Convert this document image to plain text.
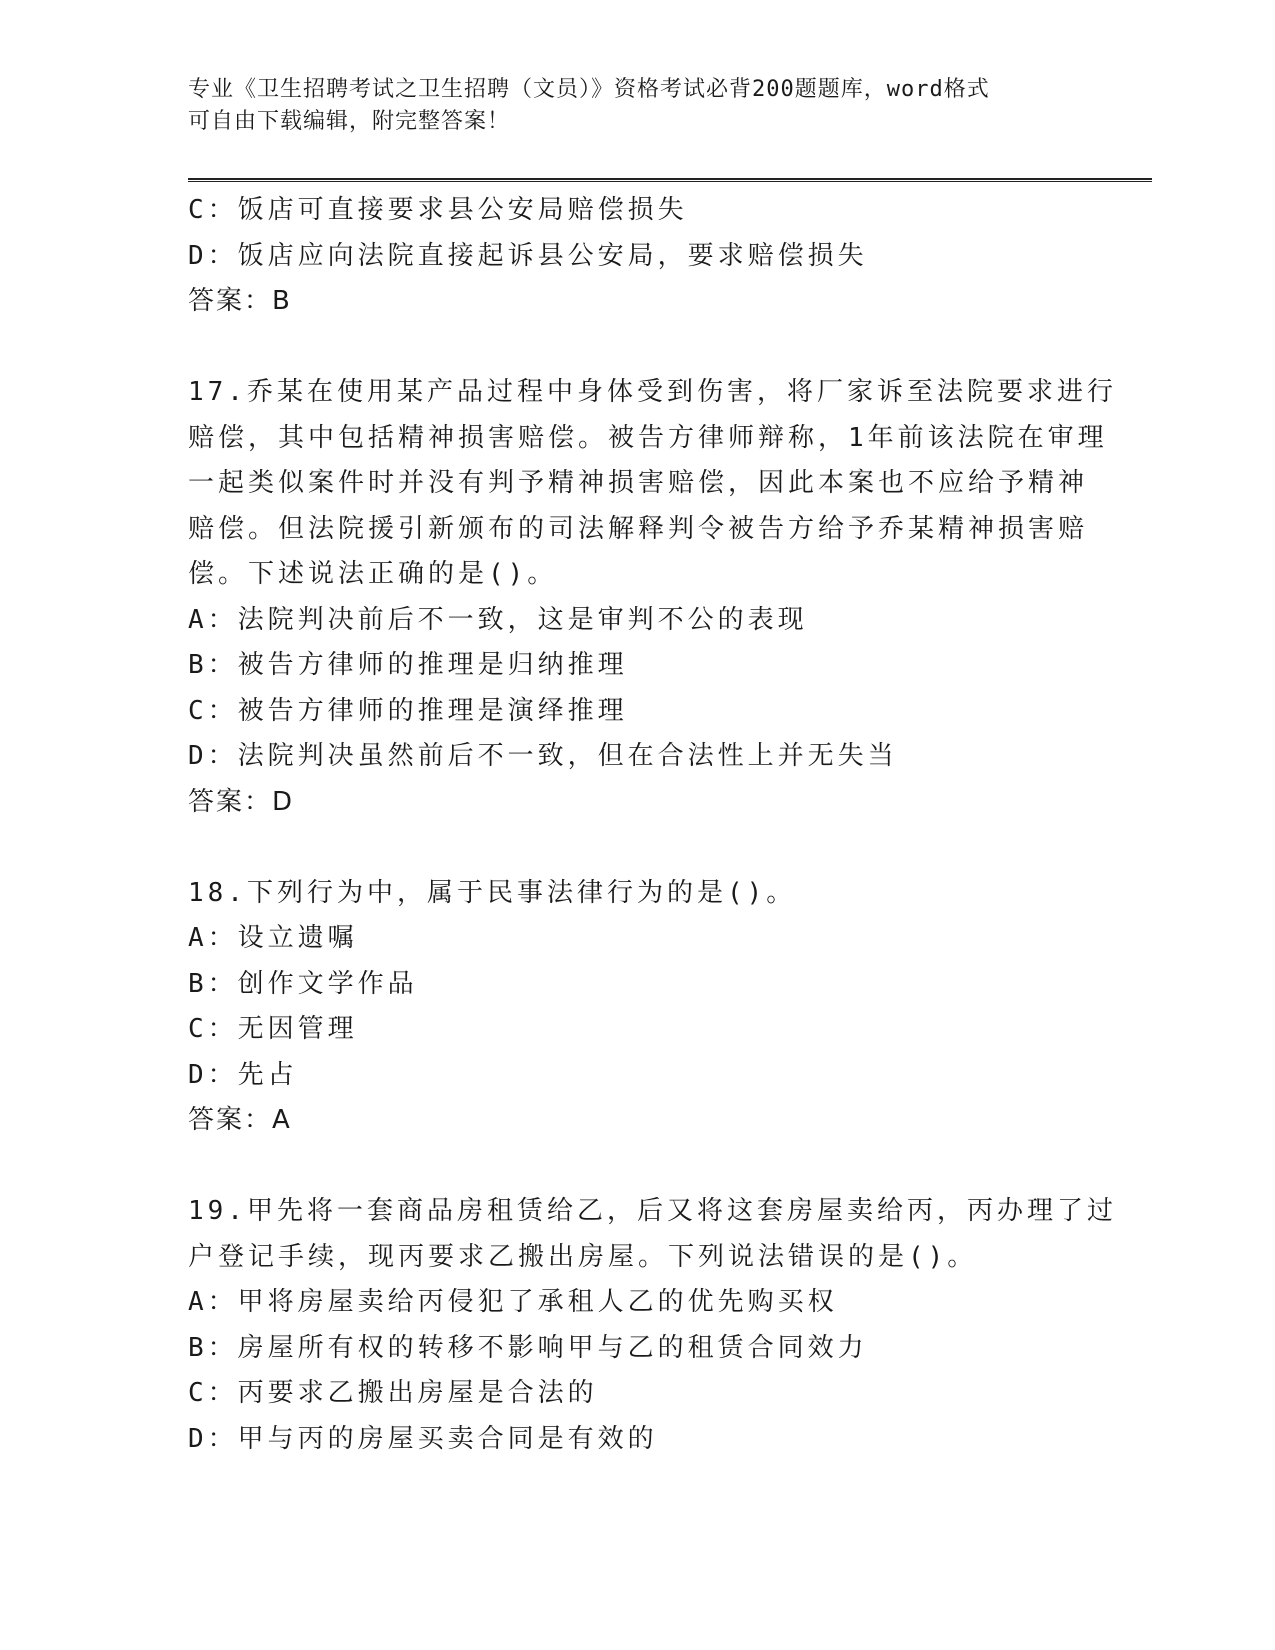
专业《卫生招聘考试之卫生招聘（文员）》资格考试必背200题题库，word格式
可自由下载编辑，附完整答案！
C：饭店可直接要求县公安局赔偿损失
D：饭店应向法院直接起诉县公安局，要求赔偿损失
答案：B
17.乔某在使用某产品过程中身体受到伤害，将厂家诉至法院要求进行
赔偿，其中包括精神损害赔偿。被告方律师辩称，1年前该法院在审理
一起类似案件时并没有判予精神损害赔偿，因此本案也不应给予精神
赔偿。但法院援引新颁布的司法解释判令被告方给予乔某精神损害赔
偿。下述说法正确的是()。
A：法院判决前后不一致，这是审判不公的表现
B：被告方律师的推理是归纳推理
C：被告方律师的推理是演绎推理
D：法院判决虽然前后不一致，但在合法性上并无失当
答案：D
18.下列行为中，属于民事法律行为的是()。
A：设立遗嘱
B：创作文学作品
C：无因管理
D：先占
答案：A
19.甲先将一套商品房租赁给乙，后又将这套房屋卖给丙，丙办理了过
户登记手续，现丙要求乙搬出房屋。下列说法错误的是()。
A：甲将房屋卖给丙侵犯了承租人乙的优先购买权
B：房屋所有权的转移不影响甲与乙的租赁合同效力
C：丙要求乙搬出房屋是合法的
D：甲与丙的房屋买卖合同是有效的
